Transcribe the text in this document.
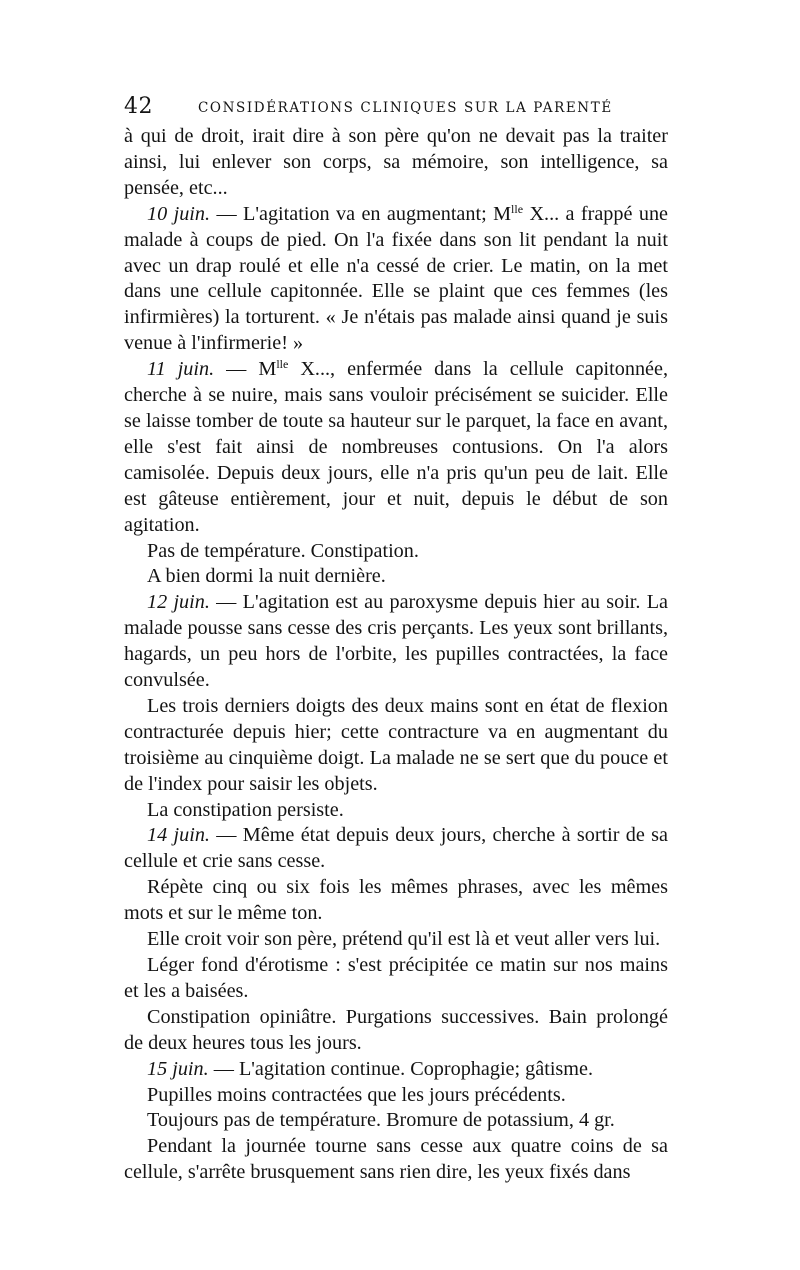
42	CONSIDÉRATIONS CLINIQUES SUR LA PARENTÉ

à qui de droit, irait dire à son père qu'on ne devait pas la traiter ainsi, lui enlever son corps, sa mémoire, son intelligence, sa pensée, etc...

10 juin. — L'agitation va en augmentant; $M^{lle}$ X... a frappé une malade à coups de pied. On l'a fixée dans son lit pendant la nuit avec un drap roulé et elle n'a cessé de crier. Le matin, on la met dans une cellule capitonnée. Elle se plaint que ces femmes (les infirmières) la torturent. « Je n'étais pas malade ainsi quand je suis venue à l'infirmerie! »

11 juin. — $M^{lle}$ X..., enfermée dans la cellule capitonnée, cherche à se nuire, mais sans vouloir précisément se suicider. Elle se laisse tomber de toute sa hauteur sur le parquet, la face en avant, elle s'est fait ainsi de nombreuses contusions. On l'a alors camisolée. Depuis deux jours, elle n'a pris qu'un peu de lait. Elle est gâteuse entièrement, jour et nuit, depuis le début de son agitation.

Pas de température. Constipation.

A bien dormi la nuit dernière.

12 juin. — L'agitation est au paroxysme depuis hier au soir. La malade pousse sans cesse des cris perçants. Les yeux sont brillants, hagards, un peu hors de l'orbite, les pupilles contractées, la face convulsée.

Les trois derniers doigts des deux mains sont en état de flexion contracturée depuis hier; cette contracture va en augmentant du troisième au cinquième doigt. La malade ne se sert que du pouce et de l'index pour saisir les objets.

La constipation persiste.

14 juin. — Même état depuis deux jours, cherche à sortir de sa cellule et crie sans cesse.

Répète cinq ou six fois les mêmes phrases, avec les mêmes mots et sur le même ton.

Elle croit voir son père, prétend qu'il est là et veut aller vers lui.

Léger fond d'érotisme : s'est précipitée ce matin sur nos mains et les a baisées.

Constipation opiniâtre. Purgations successives. Bain prolongé de deux heures tous les jours.

15 juin. — L'agitation continue. Coprophagie; gâtisme.

Pupilles moins contractées que les jours précédents.

Toujours pas de température. Bromure de potassium, 4 gr.

Pendant la journée tourne sans cesse aux quatre coins de sa cellule, s'arrête brusquement sans rien dire, les yeux fixés dans
